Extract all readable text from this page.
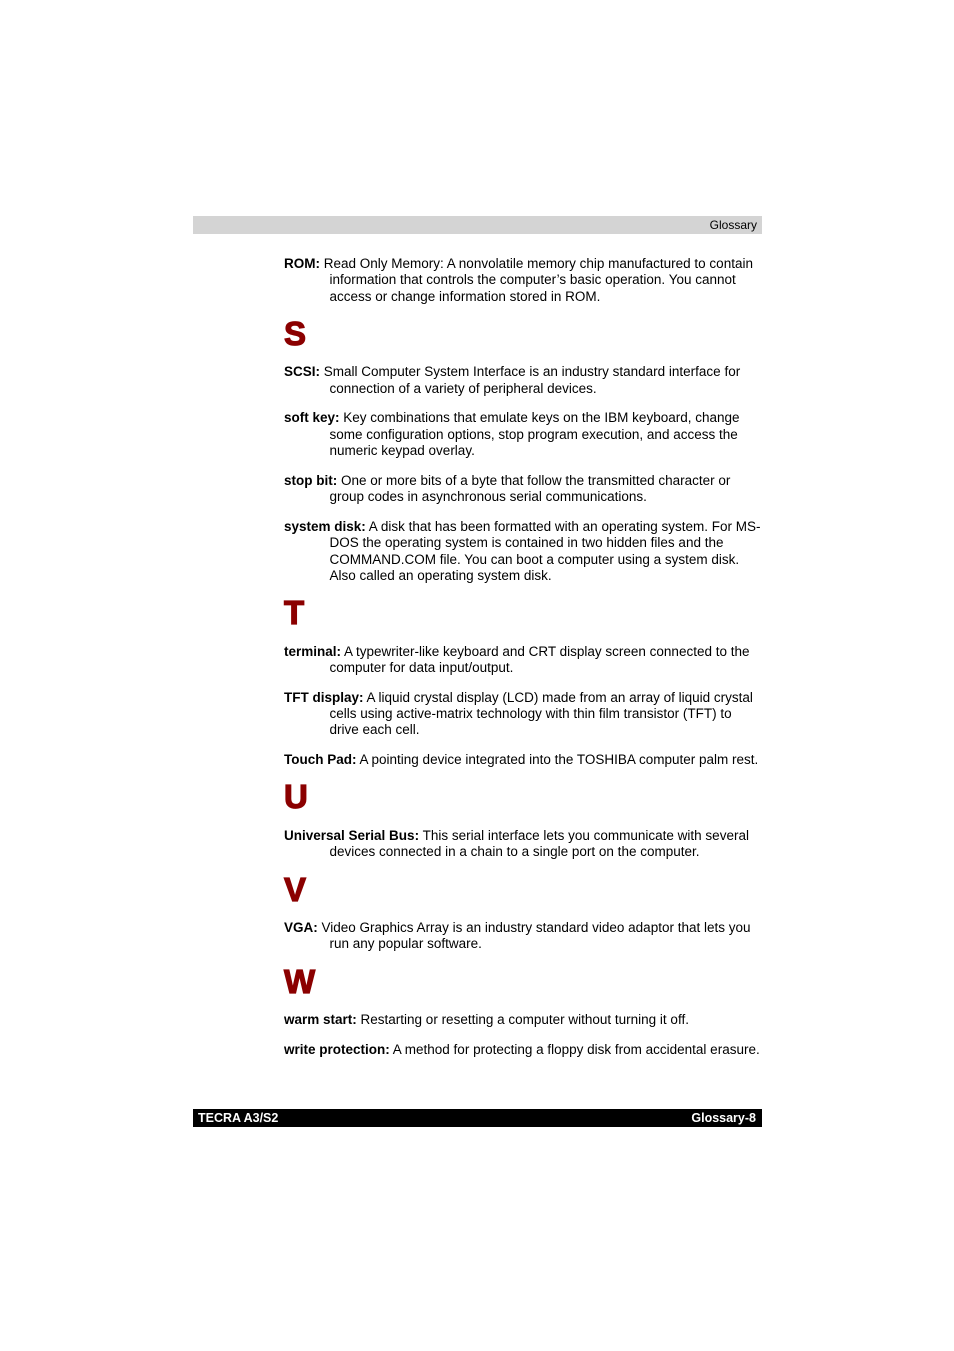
Glossary

ROM: Read Only Memory: A nonvolatile memory chip manufactured to contain information that controls the computer’s basic operation. You cannot access or change information stored in ROM.

S

SCSI: Small Computer System Interface is an industry standard interface for connection of a variety of peripheral devices.

soft key: Key combinations that emulate keys on the IBM keyboard, change some configuration options, stop program execution, and access the numeric keypad overlay.

stop bit: One or more bits of a byte that follow the transmitted character or group codes in asynchronous serial communications.

system disk: A disk that has been formatted with an operating system. For MS-DOS the operating system is contained in two hidden files and the COMMAND.COM file. You can boot a computer using a system disk. Also called an operating system disk.

T

terminal: A typewriter-like keyboard and CRT display screen connected to the computer for data input/output.

TFT display: A liquid crystal display (LCD) made from an array of liquid crystal cells using active-matrix technology with thin film transistor (TFT) to drive each cell.

Touch Pad: A pointing device integrated into the TOSHIBA computer palm rest.

U

Universal Serial Bus: This serial interface lets you communicate with several devices connected in a chain to a single port on the computer.

V

VGA: Video Graphics Array is an industry standard video adaptor that lets you run any popular software.

W

warm start: Restarting or resetting a computer without turning it off.

write protection: A method for protecting a floppy disk from accidental erasure.

TECRA A3/S2	Glossary-8
